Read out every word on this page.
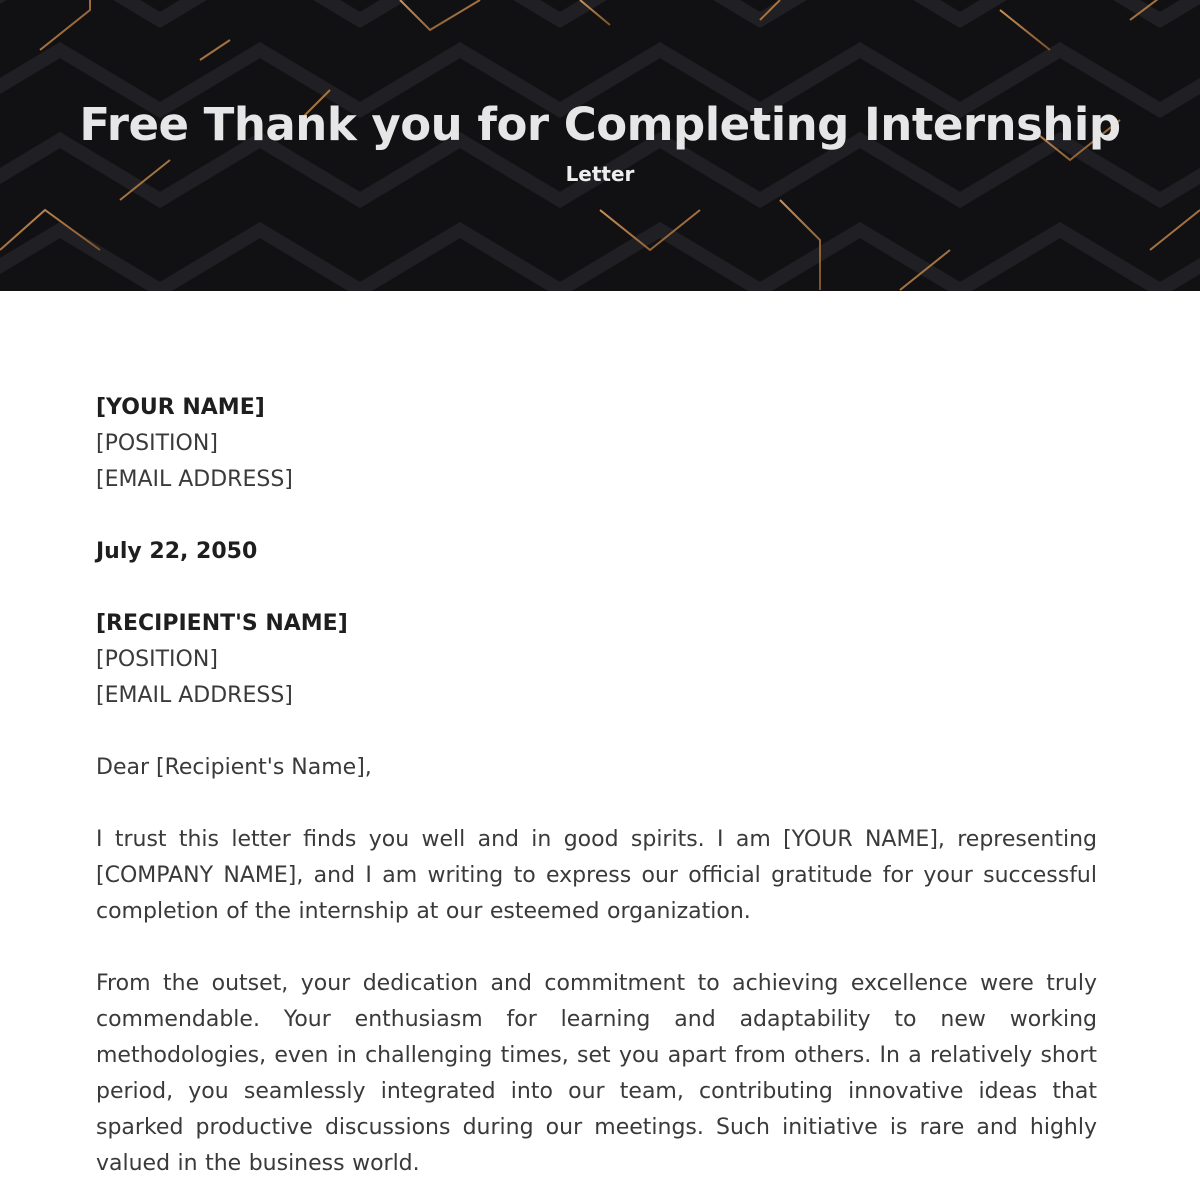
Free Thank you for Completing Internship
Letter
[YOUR NAME]
[POSITION]
[EMAIL ADDRESS]
July 22, 2050
[RECIPIENT'S NAME]
[POSITION]
[EMAIL ADDRESS]
Dear [Recipient's Name],

I trust this letter finds you well and in good spirits. I am [YOUR NAME], representing [COMPANY NAME], and I am writing to express our official gratitude for your successful completion of the internship at our esteemed organization.

From the outset, your dedication and commitment to achieving excellence were truly commendable. Your enthusiasm for learning and adaptability to new working methodologies, even in challenging times, set you apart from others. In a relatively short period, you seamlessly integrated into our team, contributing innovative ideas that sparked productive discussions during our meetings. Such initiative is rare and highly valued in the business world.
